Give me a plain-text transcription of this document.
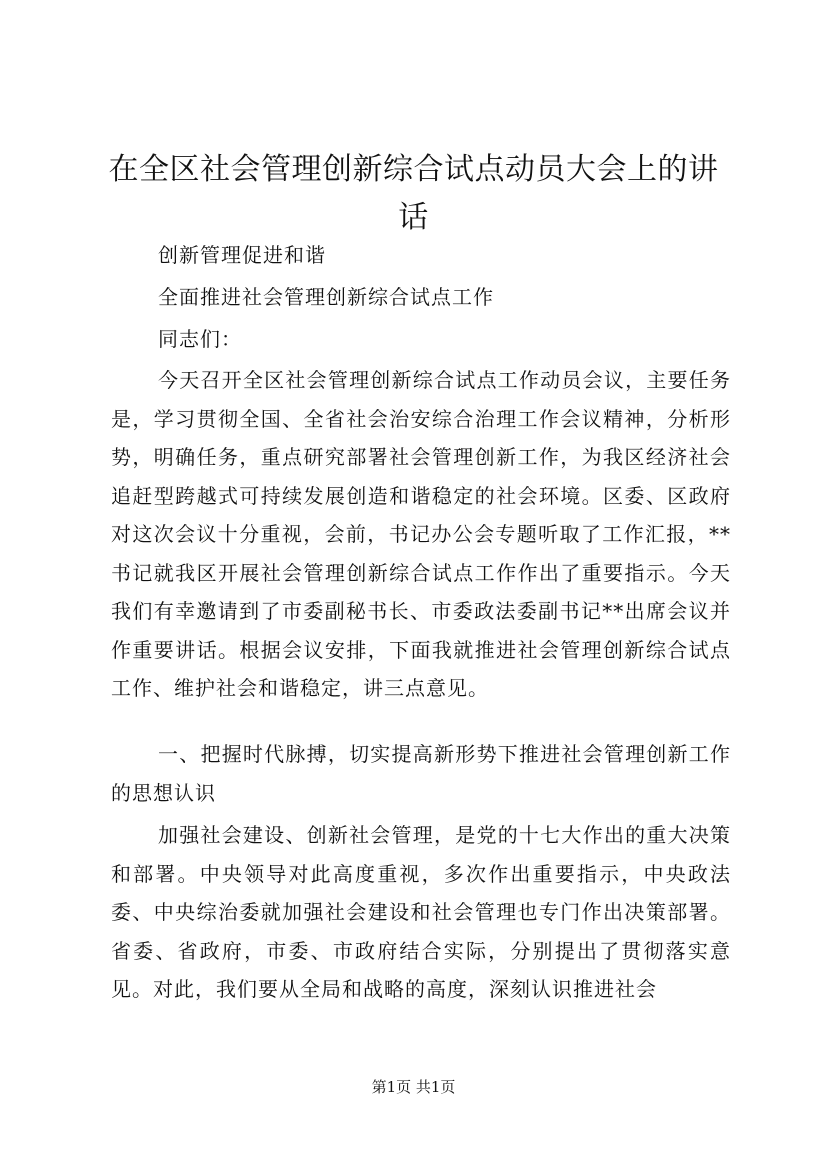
在全区社会管理创新综合试点动员大会上的讲话

创新管理促进和谐

全面推进社会管理创新综合试点工作

同志们：

今天召开全区社会管理创新综合试点工作动员会议，主要任务是，学习贯彻全国、全省社会治安综合治理工作会议精神，分析形势，明确任务，重点研究部署社会管理创新工作，为我区经济社会追赶型跨越式可持续发展创造和谐稳定的社会环境。区委、区政府对这次会议十分重视，会前，书记办公会专题听取了工作汇报，**书记就我区开展社会管理创新综合试点工作作出了重要指示。今天我们有幸邀请到了市委副秘书长、市委政法委副书记**出席会议并作重要讲话。根据会议安排，下面我就推进社会管理创新综合试点工作、维护社会和谐稳定，讲三点意见。

一、把握时代脉搏，切实提高新形势下推进社会管理创新工作的思想认识

加强社会建设、创新社会管理，是党的十七大作出的重大决策和部署。中央领导对此高度重视，多次作出重要指示，中央政法委、中央综治委就加强社会建设和社会管理也专门作出决策部署。省委、省政府，市委、市政府结合实际，分别提出了贯彻落实意见。对此，我们要从全局和战略的高度，深刻认识推进社会

第1页 共1页
